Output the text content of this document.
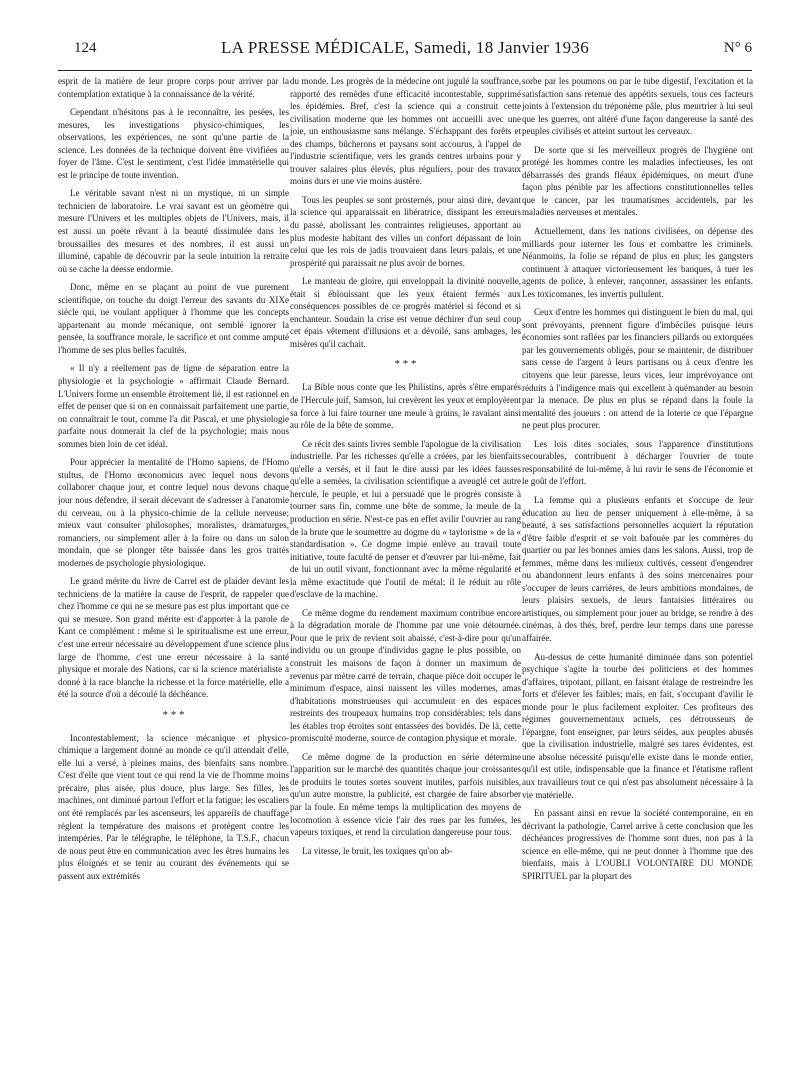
124	LA PRESSE MÉDICALE, Samedi, 18 Janvier 1936	N° 6

esprit de la matière de leur propre corps pour arriver par la contemplation extatique à la connaissance de la vérité.

Cependant n'hésitons pas à le reconnaître, les pesées, les mesures, les investigations physico-chimiques, les observations, les expériences, ne sont qu'une partie de la science. Les données de la technique doivent être vivifiées au foyer de l'âme. C'est le sentiment, c'est l'idée immatérielle qui est le principe de toute invention.

Le véritable savant n'est ni un mystique, ni un simple technicien de laboratoire. Le vrai savant est un géomètre qui mesure l'Univers et les multiples objets de l'Univers, mais, il est aussi un poète rêvant à la beauté dissimulée dans les broussailles des mesures et des nombres, il est aussi un illuminé, capable de découvrir par la seule intuition la retraite où se cache la déesse endormie.

Donc, même en se plaçant au point de vue purement scientifique, on touche du doigt l'erreur des savants du XIXe siècle qui, ne voulant appliquer à l'homme que les concepts appartenant au monde mécanique, ont semblé ignorer la pensée, la souffrance morale, le sacrifice et ont comme amputé l'homme de ses plus belles facultés.

« Il n'y a réellement pas de ligne de séparation entre la physiologie et la psychologie » affirmait Claude Bernard. L'Univers forme un ensemble étroitement lié, il est rationnel en effet de penser que si on en connaissait parfaitement une partie, on connaîtrait le tout, comme l'a dit Pascal, et une physiologie parfaite nous donnerait la clef de la psychologie; mais nous sommes bien loin de cet idéal.

Pour apprécier la mentalité de l'Homo sapiens, de l'Homo stultus, de l'Homo œconomicus avec lequel nous devons collaborer chaque jour, et contre lequel nous devons chaque jour nous défendre, il serait décevant de s'adresser à l'anatomie du cerveau, ou à la physico-chimie de la cellule nerveuse; mieux vaut consulter philosophes, moralistes, dramaturges, romanciers, ou simplement aller à la foire ou dans un salon mondain, que se plonger tête baissée dans les gros traités modernes de psychologie physiologique.

Le grand mérite du livre de Carrel est de plaider devant les techniciens de la matière la cause de l'esprit, de rappeler que chez l'homme ce qui ne se mesure pas est plus important que ce qui se mesure. Son grand mérite est d'apporter à la parole de Kant ce complément : même si le spiritualisme est une erreur, c'est une erreur nécessaire au développement d'une science plus large de l'homme, c'est une erreur nécessaire à la santé physique et morale des Nations, car si la science matérialiste a donné à la race blanche la richesse et la force matérielle, elle a été la source d'où a découlé la déchéance.

* * *

Incontestablement, la science mécanique et physico-chimique a largement donné au monde ce qu'il attendait d'elle, elle lui a versé, à pleines mains, des bienfaits sans nombre. C'est d'elle que vient tout ce qui rend la vie de l'homme moins précaire, plus aisée, plus douce, plus large. Ses filles, les machines, ont diminué partout l'effort et la fatigue; les escaliers ont été remplacés par les ascenseurs, les appareils de chauffage règlent la température des maisons et protègent contre les intempéries. Par le télégraphe, le téléphone, la T.S.F., chacun de nous peut être en communication avec les êtres humains les plus éloignés et se tenir au courant des événements qui se passent aux extrémités

du monde. Les progrès de la médecine ont jugulé la souffrance, rapporté des remèdes d'une efficacité incontestable, supprimé les épidémies. Bref, c'est la science qui a construit cette civilisation moderne que les hommes ont accueilli avec une joie, un enthousiasme sans mélange. S'échappant des forêts et des champs, bûcherons et paysans sont accourus, à l'appel de l'industrie scientifique, vers les grands centres urbains pour y trouver salaires plus élevés, plus réguliers, pour des travaux moins durs et une vie moins austère.

Tous les peuples se sont prosternés, pour ainsi dire, devant la science qui apparaissait en libératrice, dissipant les erreurs du passé, abolissant les contraintes religieuses, apportant au plus modeste habitant des villes un confort dépassant de loin celui que les rois de jadis trouvaient dans leurs palais, et une prospérité qui paraissait ne plus avoir de bornes.

Le manteau de gloire, qui enveloppait la divinité nouvelle, était si éblouissant que les yeux étaient fermés aux conséquences possibles de ce progrès matériel si fécond et si enchanteur. Soudain la crise est venue déchirer d'un seul coup cet épais vêtement d'illusions et a dévoilé, sans ambages, les misères qu'il cachait.

* * *

La Bible nous conte que les Philistins, après s'être emparés de l'Hercule juif, Samson, lui crevèrent les yeux et employèrent sa force à lui faire tourner une meule à grains, le ravalant ainsi au rôle de la bête de somme.

Ce récit des saints livres semble l'apologue de la civilisation industrielle. Par les richesses qu'elle a créées, par les bienfaits qu'elle a versés, et il faut le dire aussi par les idées fausses qu'elle a semées, la civilisation scientifique a aveuglé cet autre hercule, le peuple, et lui a persuadé que le progrès consiste à tourner sans fin, comme une bête de somme, la meule de la production en série. N'est-ce pas en effet avilir l'ouvrier au rang de la brute que le soumettre au dogme du « taylorisme » de la « standardisation ». Ce dogme impie enlève au travail toute initiative, toute faculté de penser et d'œuvrer par lui-même, fait de lui un outil vivant, fonctionnant avec la même régularité et la même exactitude que l'outil de métal; il le réduit au rôle d'esclave de la machine.

Ce même dogme du rendement maximum contribue encore à la dégradation morale de l'homme par une voie détournée. Pour que le prix de revient soit abaissé, c'est-à-dire pour qu'un individu ou un groupe d'individus gagne le plus possible, on construit les maisons de façon à donner un maximum de revenus par mètre carré de terrain, chaque pièce doit occuper le minimum d'espace, ainsi naissent les villes modernes, amas d'habitations monstrueuses qui accumulent en des espaces restreints des troupeaux humains trop considérables; tels dans les étables trop étroites sont entassées des bovidés. De là, cette promiscuité moderne, source de contagion physique et morale.

Ce même dogme de la production en série détermine l'apparition sur le marché des quantités chaque jour croissantes de produits le toutes sortes souvent inutiles, parfois nuisibles, qu'un autre monstre, la publicité, est chargée de faire absorber par la foule. En même temps la multiplication des moyens de locomotion à essence vicie l'air des rues par les fumées, les vapeurs toxiques, et rend la circulation dangereuse pour tous.

La vitesse, le bruit, les toxiques qu'on ab-

sorbe par les poumons ou par le tube digestif, l'excitation et la satisfaction sans retenue des appétits sexuels, tous ces facteurs joints à l'extension du tréponème pâle, plus meurtrier à lui seul que les guerres, ont altéré d'une façon dangereuse la santé des peuples civilisés et atteint surtout les cerveaux.

De sorte que si les merveilleux progrès de l'hygiène ont protégé les hommes contre les maladies infectieuses, les ont débarrassés des grands fléaux épidémiques, on meurt d'une façon plus pénible par les affections constitutionnelles telles que le cancer, par les traumatismes accidentels, par les maladies nerveuses et mentales.

Actuellement, dans les nations civilisées, on dépense des milliards pour interner les fous et combattre les criminels. Néanmoins, la folie se répand de plus en plus; les gangsters continuent à attaquer victorieusement les banques, à tuer les agents de police, à enlever, rançonner, assassiner les enfants. Les toxicomanes, les invertis pullulent.

Ceux d'entre les hommes qui distinguent le bien du mal, qui sont prévoyants, prennent figure d'imbéciles puisque leurs économies sont raflées par les financiers pillards ou extorquées par les gouvernements obligés, pour se maintenir, de distribuer sans cesse de l'argent à leurs partisans ou à ceux d'entre les citoyens que leur paresse, leurs vices, leur imprévoyance ont réduits à l'indigence mais qui excellent à quémander au besoin par la menace. De plus en plus se répand dans la foule la mentalité des joueurs : on attend de la loterie ce que l'épargne ne peut plus procurer.

Les lois dites sociales, sous l'apparence d'institutions secourables, contribuent à décharger l'ouvrier de toute responsabilité de lui-même, à lui ravir le sens de l'économie et le goût de l'effort.

La femme qui a plusieurs enfants et s'occupe de leur éducation au lieu de penser uniquement à elle-même, à sa beauté, à ses satisfactions personnelles acquiert la réputation d'être faible d'esprit et se voit bafouée par les commères du quartier ou par les bonnes amies dans les salons. Aussi, trop de femmes, même dans les milieux cultivés, cessent d'engendrer ou abandonnent leurs enfants à des soins mercenaires pour s'occuper de leurs carrières, de leurs ambitions mondaines, de leurs plaisirs sexuels, de leurs fantaisies littéraires ou artistiques, ou simplement pour jouer au bridge, se rendre à des cinémas, à des thés, bref, perdre leur temps dans une paresse affairée.

Au-dessus de cette humanité diminuée dans son potentiel psychique s'agite la tourbe des politiciens et des hommes d'affaires, tripotant, pillant, en faisant étalage de restreindre les forts et d'élever les faibles; mais, en fait, s'occupant d'avilir le monde pour le plus facilement exploiter. Ces profiteurs des régimes gouvernementaux actuels, ces détrousseurs de l'épargne, font enseigner, par leurs séides, aux peuples abusés que la civilisation industrielle, malgré ses tares évidentes, est une absolue nécessité puisqu'elle existe dans le monde entier, qu'il est utile, indispensable que la finance et l'étatisme raflent aux travailleurs tout ce qui n'est pas absolument nécessaire à la vie matérielle.

En passant ainsi en revue la société contemporaine, en en décrivant la pathologie, Carrel arrive à cette conclusion que les déchéances progressives de l'homme sont dues, non pas à la science en elle-même, qui ne peut donner à l'homme que des bienfaits, mais à L'OUBLI VOLONTAIRE DU MONDE SPIRITUEL par la plupart des
